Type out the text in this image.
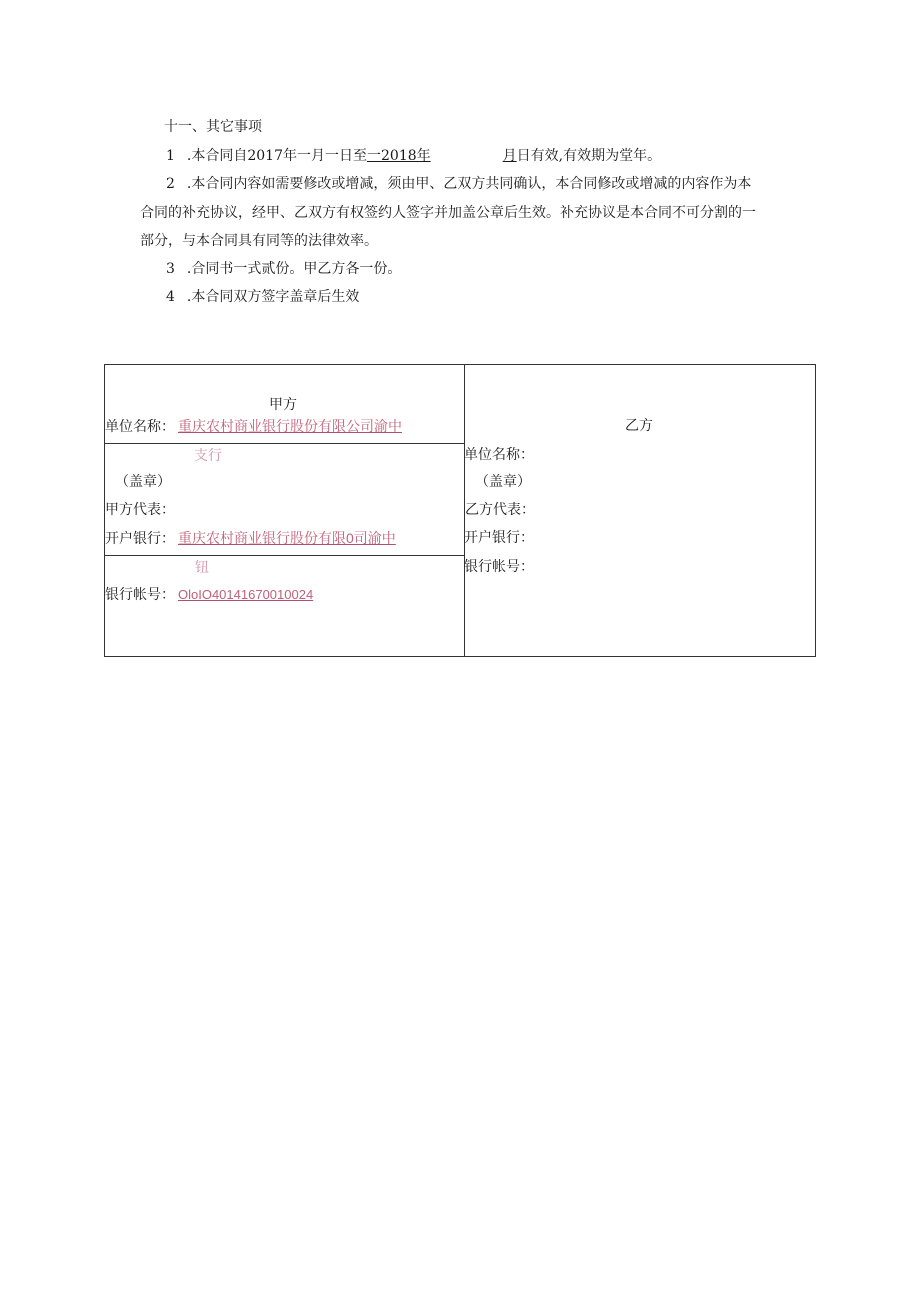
十一、其它事项
1 .本合同自2017年一月一日至一2018年	月日有效,有效期为堂年。
2 .本合同内容如需要修改或增减，须由甲、乙双方共同确认，本合同修改或增减的内容作为本
合同的补充协议，经甲、乙双方有权签约人签字并加盖公章后生效。补充协议是本合同不可分割的一
部分，与本合同具有同等的法律效率。
3 .合同书一式贰份。甲乙方各一份。
4 .本合同双方签字盖章后生效
甲方
单位名称： 重庆农村商业银行股份有限公司渝中
支行
（盖章）
甲方代表：
开户银行： 重庆农村商业银行股份有限0司渝中
钮
银行帐号： OloIO40141670010024
乙方
单位名称：
（盖章）
乙方代表：
开户银行：
银行帐号：
